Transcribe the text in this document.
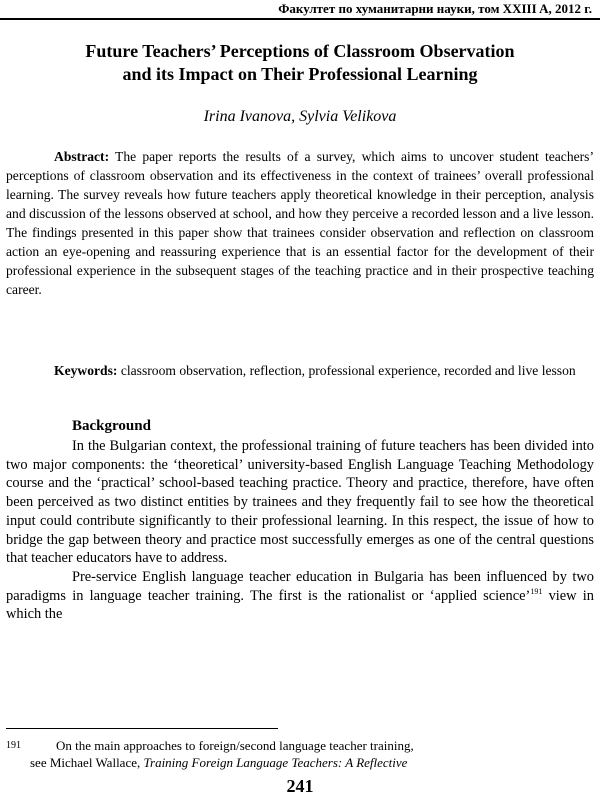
Факултет по хуманитарни науки, том XXIII A, 2012 г.
Future Teachers’ Perceptions of Classroom Observation
and its Impact on Their Professional Learning
Irina Ivanova, Sylvia Velikova

Abstract: The paper reports the results of a survey, which aims to uncover student teachers’ perceptions of classroom observation and its effectiveness in the context of trainees’ overall professional learning. The survey reveals how future teachers apply theoretical knowledge in their perception, analysis and discussion of the lessons observed at school, and how they perceive a recorded lesson and a live lesson. The findings presented in this paper show that trainees consider observation and reflection on classroom action an eye-opening and reassuring experience that is an essential factor for the development of their professional experience in the subsequent stages of the teaching practice and in their prospective teaching career.

Keywords: classroom observation, reflection, professional experience, recorded and live lesson

Background

In the Bulgarian context, the professional training of future teachers has been divided into two major components: the ‘theoretical’ university-based English Language Teaching Methodology course and the ‘practical’ school-based teaching practice. Theory and practice, therefore, have often been perceived as two distinct entities by trainees and they frequently fail to see how the theoretical input could contribute significantly to their professional learning. In this respect, the issue of how to bridge the gap between theory and practice most successfully emerges as one of the central questions that teacher educators have to address.

Pre-service English language teacher education in Bulgaria has been influenced by two paradigms in language teacher training. The first is the rationalist or ‘applied science’$^{191}$ view in which the

191	On the main approaches to foreign/second language teacher training,
see Michael Wallace, Training Foreign Language Teachers: A Reflective
241
